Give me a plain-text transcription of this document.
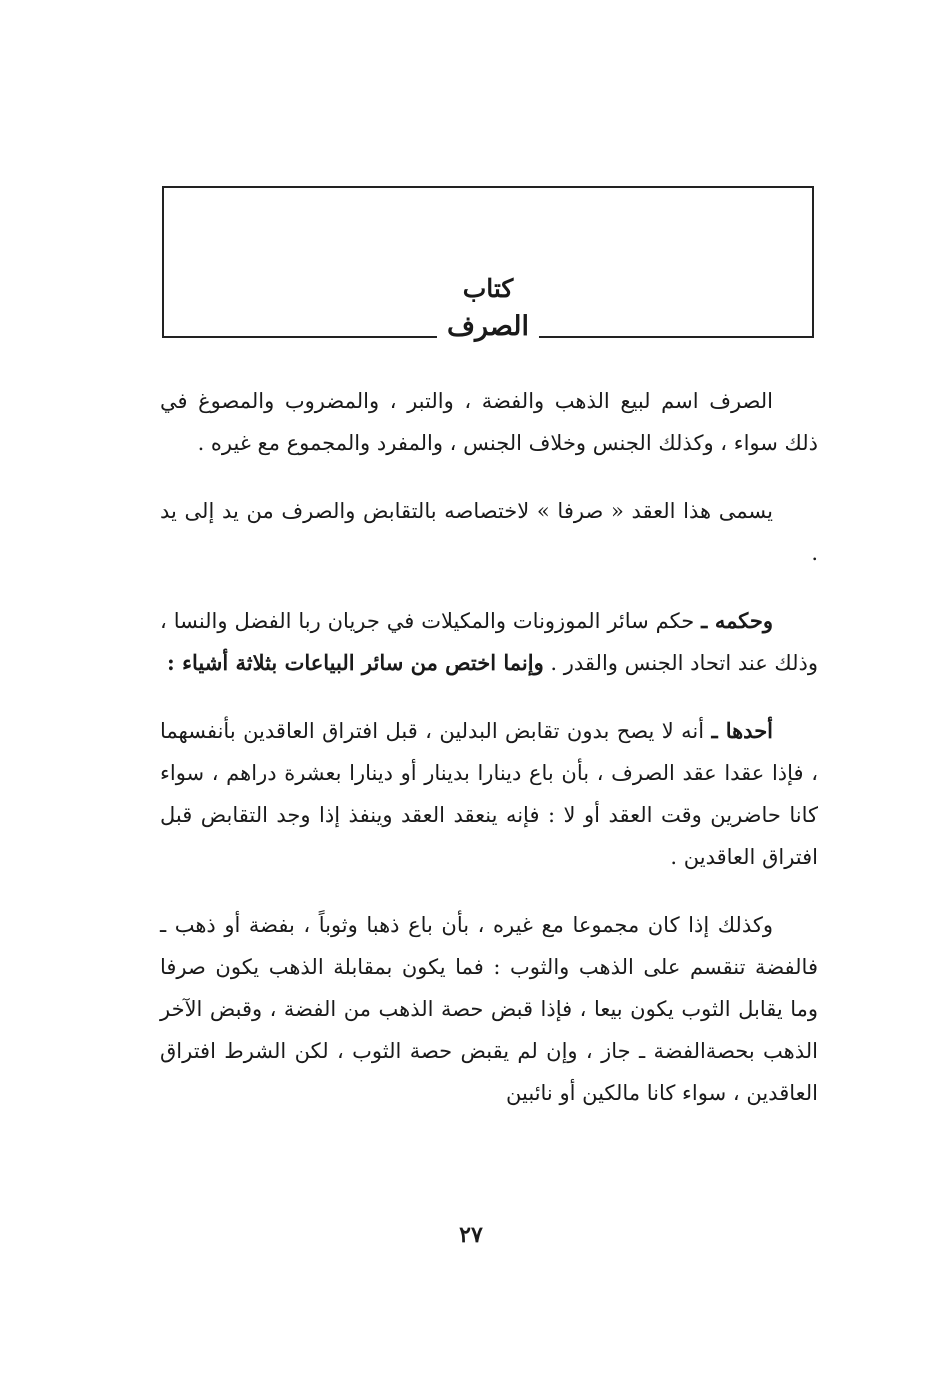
كتاب
الصرف

الصرف اسم لبيع الذهب والفضة ، والتبر ، والمضروب والمصوغ في ذلك سواء ، وكذلك الجنس وخلاف الجنس ، والمفرد والمجموع مع غيره .

يسمى هذا العقد « صرفا » لاختصاصه بالتقابض والصرف من يد إلى يد .

وحكمه ـ حكم سائر الموزونات والمكيلات في جريان ربا الفضل والنسا ، وذلك عند اتحاد الجنس والقدر . وإنما اختص من سائر البياعات بثلاثة أشياء :

أحدها ـ أنه لا يصح بدون تقابض البدلين ، قبل افتراق العاقدين بأنفسهما ، فإذا عقدا عقد الصرف ، بأن باع دينارا بدينار أو دينارا بعشرة دراهم ، سواء كانا حاضرين وقت العقد أو لا : فإنه ينعقد العقد وينفذ إذا وجد التقابض قبل افتراق العاقدين .

وكذلك إذا كان مجموعا مع غيره ، بأن باع ذهبا وثوباً ، بفضة أو ذهب ـ فالفضة تنقسم على الذهب والثوب : فما يكون بمقابلة الذهب يكون صرفا وما يقابل الثوب يكون بيعا ، فإذا قبض حصة الذهب من الفضة ، وقبض الآخر الذهب بحصةالفضة ـ جاز ، وإن لم يقبض حصة الثوب ، لكن الشرط افتراق العاقدين ، سواء كانا مالكين أو نائبين

٢٧
